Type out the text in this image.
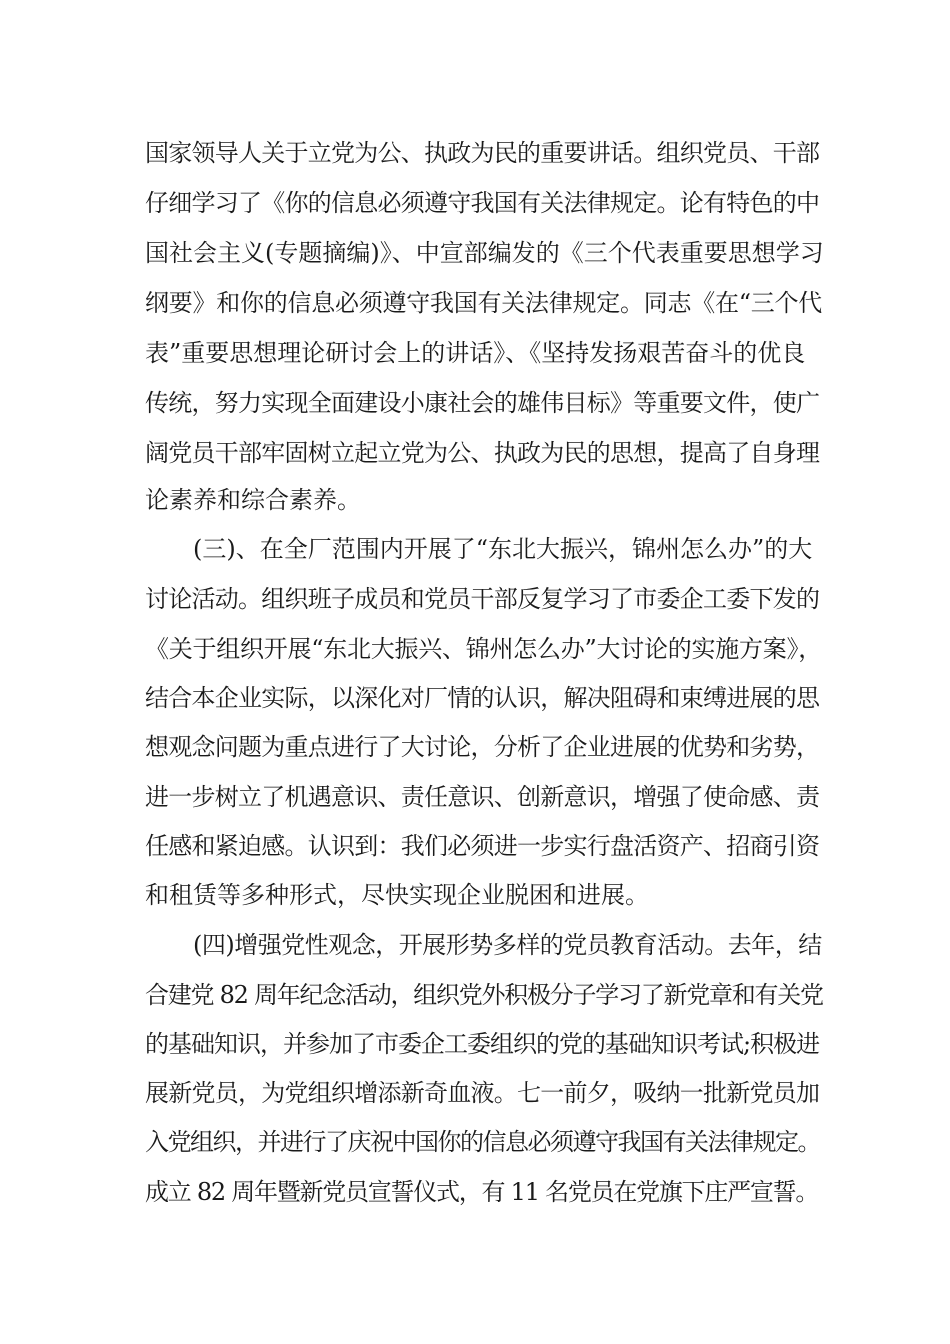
国家领导人关于立党为公、执政为民的重要讲话。组织党员、干部
仔细学习了《你的信息必须遵守我国有关法律规定。论有特色的中
国社会主义(专题摘编)》、中宣部编发的《三个代表重要思想学习
纲要》和你的信息必须遵守我国有关法律规定。同志《在“三个代
表”重要思想理论研讨会上的讲话》、《坚持发扬艰苦奋斗的优良
传统，努力实现全面建设小康社会的雄伟目标》等重要文件，使广
阔党员干部牢固树立起立党为公、执政为民的思想，提高了自身理
论素养和综合素养。
(三)、在全厂范围内开展了“东北大振兴，锦州怎么办”的大
讨论活动。组织班子成员和党员干部反复学习了市委企工委下发的
《关于组织开展“东北大振兴、锦州怎么办”大讨论的实施方案》，
结合本企业实际，以深化对厂情的认识，解决阻碍和束缚进展的思
想观念问题为重点进行了大讨论，分析了企业进展的优势和劣势，
进一步树立了机遇意识、责任意识、创新意识，增强了使命感、责
任感和紧迫感。认识到：我们必须进一步实行盘活资产、招商引资
和租赁等多种形式，尽快实现企业脱困和进展。
(四)增强党性观念，开展形势多样的党员教育活动。去年，结
合建党 82 周年纪念活动，组织党外积极分子学习了新党章和有关党
的基础知识，并参加了市委企工委组织的党的基础知识考试;积极进
展新党员，为党组织增添新奇血液。七一前夕，吸纳一批新党员加
入党组织，并进行了庆祝中国你的信息必须遵守我国有关法律规定。
成立 82 周年暨新党员宣誓仪式，有 11 名党员在党旗下庄严宣誓。
